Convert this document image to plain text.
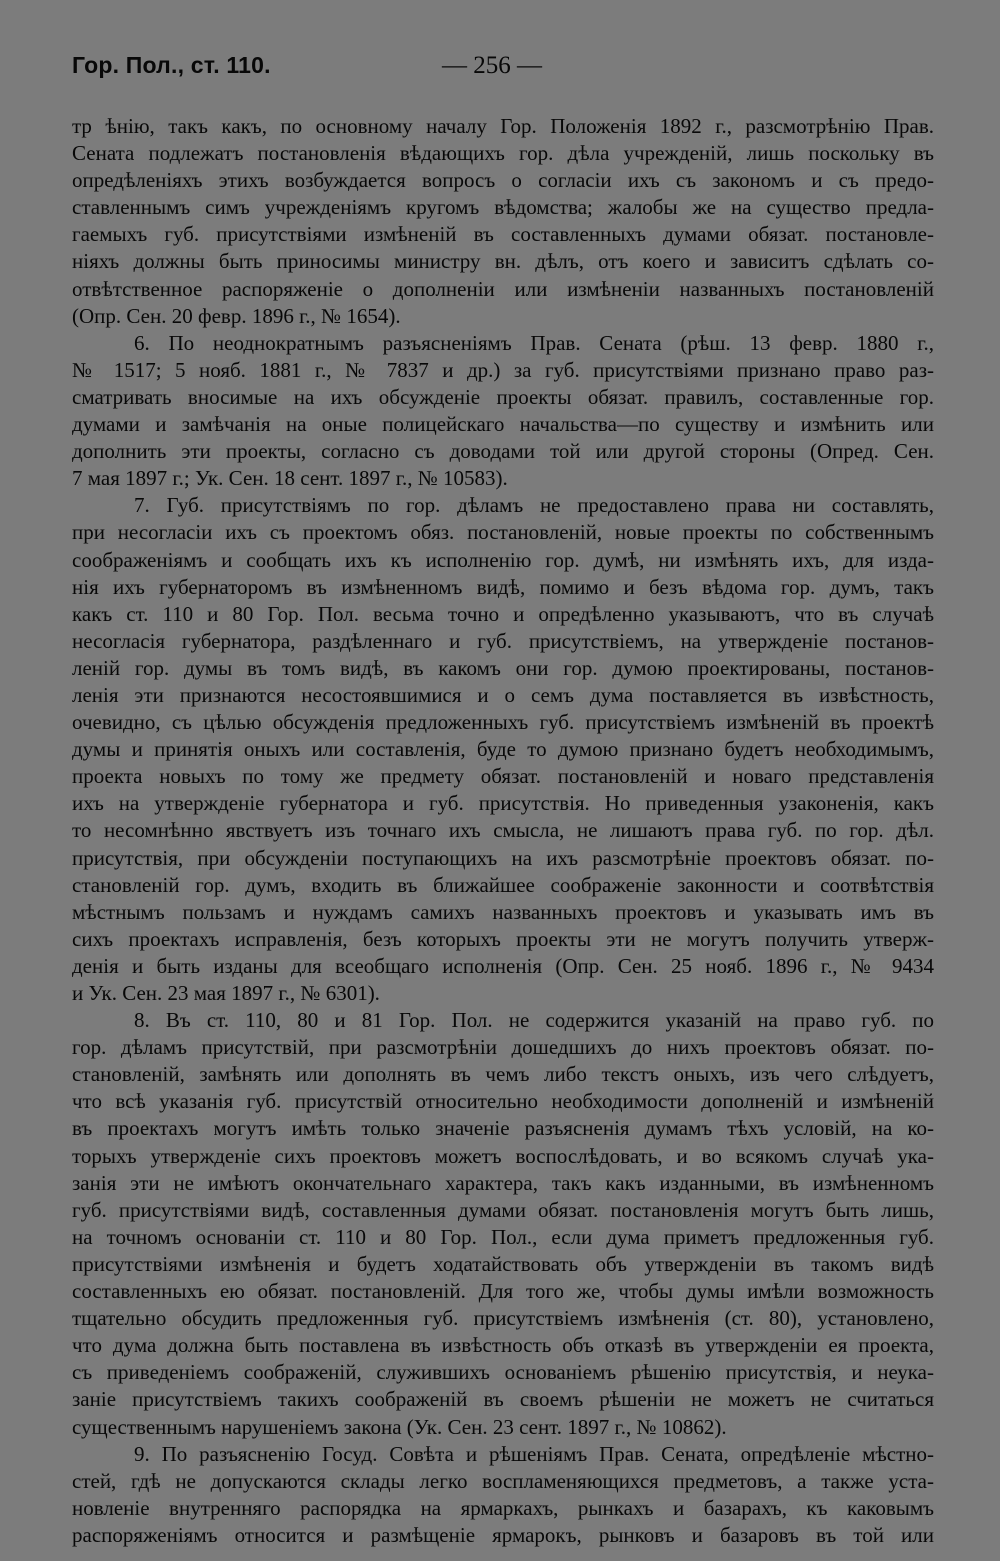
Гор. Пол., ст. 110.	— 256 —
тр ѣнію, такъ какъ, по основному началу Гор. Положенія 1892 г., разсмотрѣнію Прав.
Сената подлежатъ постановленія вѣдающихъ гор. дѣла учрежденій, лишь поскольку въ
опредѣленіяхъ этихъ возбуждается вопросъ о согласіи ихъ съ закономъ и съ предо-
ставленнымъ симъ учрежденіямъ кругомъ вѣдомства; жалобы же на существо предла-
гаемыхъ губ. присутствіями измѣненій въ составленныхъ думами обязат. постановле-
ніяхъ должны быть приносимы министру вн. дѣлъ, отъ коего и зависитъ сдѣлать со-
отвѣтственное распоряженіе о дополненіи или измѣненіи названныхъ постановленій
(Опр. Сен. 20 февр. 1896 г., № 1654).
6. По неоднократнымъ разъясненіямъ Прав. Сената (рѣш. 13 февр. 1880 г.,
№ 1517; 5 нояб. 1881 г., № 7837 и др.) за губ. присутствіями признано право раз-
сматривать вносимые на ихъ обсужденіе проекты обязат. правилъ, составленные гор.
думами и замѣчанія на оные полицейскаго начальства—по существу и измѣнить или
дополнить эти проекты, согласно съ доводами той или другой стороны (Опред. Сен.
7 мая 1897 г.; Ук. Сен. 18 сент. 1897 г., № 10583).
7. Губ. присутствіямъ по гор. дѣламъ не предоставлено права ни составлять,
при несогласіи ихъ съ проектомъ обяз. постановленій, новые проекты по собственнымъ
соображеніямъ и сообщать ихъ къ исполненію гор. думѣ, ни измѣнять ихъ, для изда-
нія ихъ губернаторомъ въ измѣненномъ видѣ, помимо и безъ вѣдома гор. думъ, такъ
какъ ст. 110 и 80 Гор. Пол. весьма точно и опредѣленно указываютъ, что въ случаѣ
несогласія губернатора, раздѣленнаго и губ. присутствіемъ, на утвержденіе постанов-
леній гор. думы въ томъ видѣ, въ какомъ они гор. думою проектированы, постанов-
ленія эти признаются несостоявшимися и о семъ дума поставляется въ извѣстность,
очевидно, съ цѣлью обсужденія предложенныхъ губ. присутствіемъ измѣненій въ проектѣ
думы и принятія оныхъ или составленія, буде то думою признано будетъ необходимымъ,
проекта новыхъ по тому же предмету обязат. постановленій и новаго представленія
ихъ на утвержденіе губернатора и губ. присутствія. Но приведенныя узаконенія, какъ
то несомнѣнно явствуетъ изъ точнаго ихъ смысла, не лишаютъ права губ. по гор. дѣл.
присутствія, при обсужденіи поступающихъ на ихъ разсмотрѣніе проектовъ обязат. по-
становленій гор. думъ, входить въ ближайшее соображеніе законности и соотвѣтствія
мѣстнымъ пользамъ и нуждамъ самихъ названныхъ проектовъ и указывать имъ въ
сихъ проектахъ исправленія, безъ которыхъ проекты эти не могутъ получить утверж-
денія и быть изданы для всеобщаго исполненія (Опр. Сен. 25 нояб. 1896 г., № 9434
и Ук. Сен. 23 мая 1897 г., № 6301).
8. Въ ст. 110, 80 и 81 Гор. Пол. не содержится указаній на право губ. по
гор. дѣламъ присутствій, при разсмотрѣніи дошедшихъ до нихъ проектовъ обязат. по-
становленій, замѣнять или дополнять въ чемъ либо текстъ оныхъ, изъ чего слѣдуетъ,
что всѣ указанія губ. присутствій относительно необходимости дополненій и измѣненій
въ проектахъ могутъ имѣть только значеніе разъясненія думамъ тѣхъ условій, на ко-
торыхъ утвержденіе сихъ проектовъ можетъ воспослѣдовать, и во всякомъ случаѣ ука-
занія эти не имѣютъ окончательнаго характера, такъ какъ изданными, въ измѣненномъ
губ. присутствіями видѣ, составленныя думами обязат. постановленія могутъ быть лишь,
на точномъ основаніи ст. 110 и 80 Гор. Пол., если дума приметъ предложенныя губ.
присутствіями измѣненія и будетъ ходатайствовать объ утвержденіи въ такомъ видѣ
составленныхъ ею обязат. постановленій. Для того же, чтобы думы имѣли возможность
тщательно обсудить предложенныя губ. присутствіемъ измѣненія (ст. 80), установлено,
что дума должна быть поставлена въ извѣстность объ отказѣ въ утвержденіи ея проекта,
съ приведеніемъ соображеній, служившихъ основаніемъ рѣшенію присутствія, и неука-
заніе присутствіемъ такихъ соображеній въ своемъ рѣшеніи не можетъ не считаться
существеннымъ нарушеніемъ закона (Ук. Сен. 23 сент. 1897 г., № 10862).
9. По разъясненію Госуд. Совѣта и рѣшеніямъ Прав. Сената, опредѣленіе мѣстно-
стей, гдѣ не допускаются склады легко воспламеняющихся предметовъ, а также уста-
новленіе внутренняго распорядка на ярмаркахъ, рынкахъ и базарахъ, къ каковымъ
распоряженіямъ относится и размѣщеніе ярмарокъ, рынковъ и базаровъ въ той или
